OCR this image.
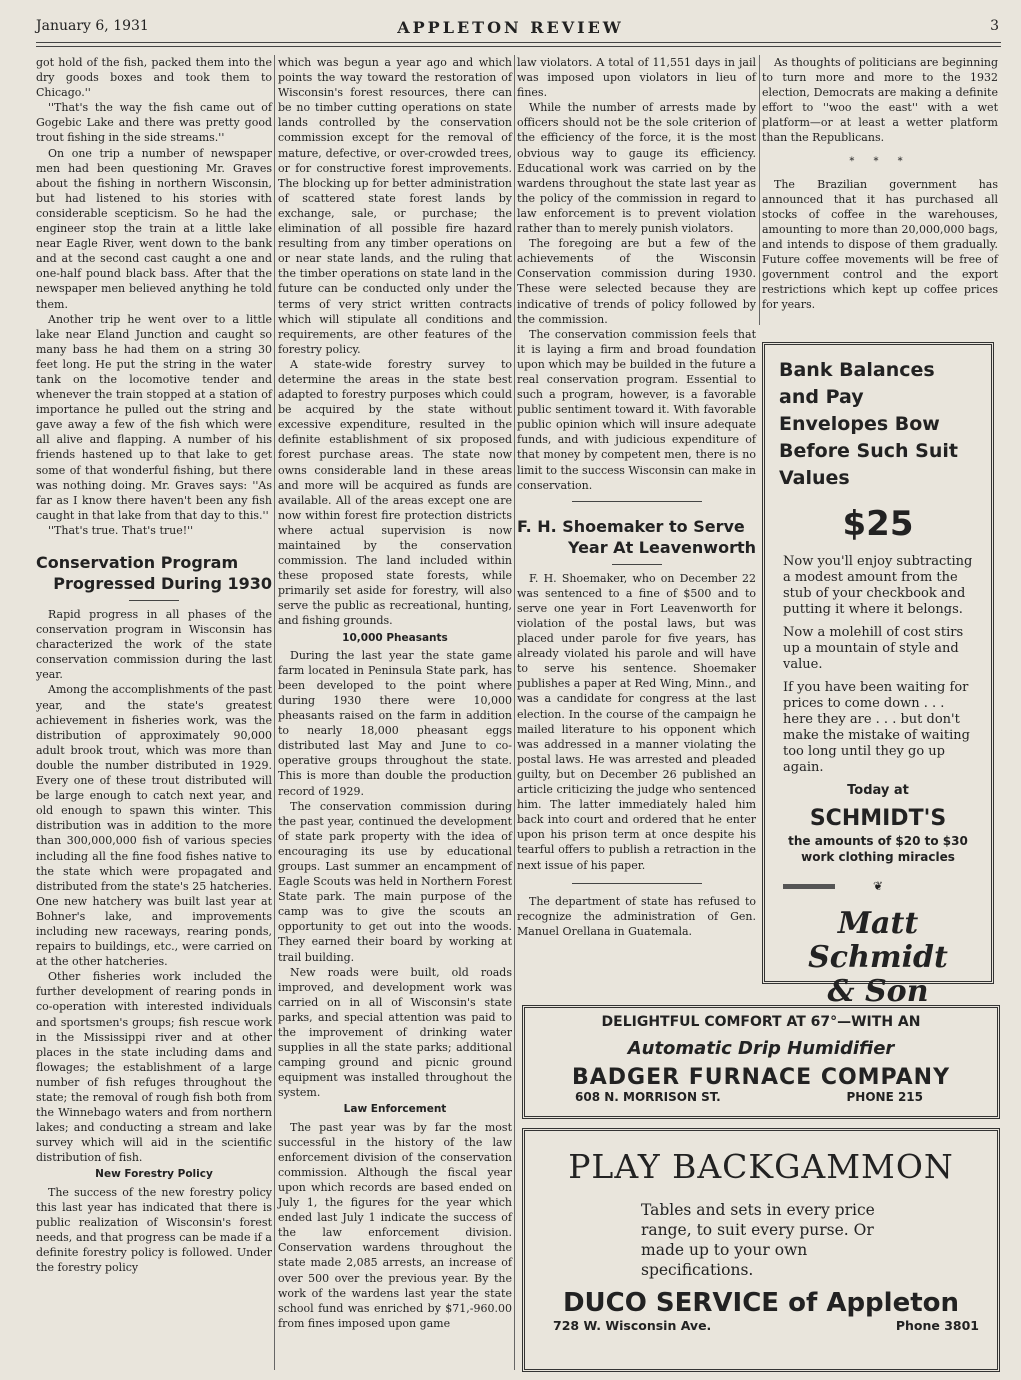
January 6, 1931	APPLETON REVIEW	3

got hold of the fish, packed them into the dry goods boxes and took them to Chicago.''

''That's the way the fish came out of Gogebic Lake and there was pretty good trout fishing in the side streams.''

On one trip a number of newspaper men had been questioning Mr. Graves about the fishing in northern Wisconsin, but had listened to his stories with considerable scepticism. So he had the engineer stop the train at a little lake near Eagle River, went down to the bank and at the second cast caught a one and one-half pound black bass. After that the newspaper men believed anything he told them.

Another trip he went over to a little lake near Eland Junction and caught so many bass he had them on a string 30 feet long. He put the string in the water tank on the locomotive tender and whenever the train stopped at a station of importance he pulled out the string and gave away a few of the fish which were all alive and flapping. A number of his friends hastened up to that lake to get some of that wonderful fishing, but there was nothing doing. Mr. Graves says: ''As far as I know there haven't been any fish caught in that lake from that day to this.''

''That's true. That's true!''

Conservation Program
Progressed During 1930

Rapid progress in all phases of the conservation program in Wisconsin has characterized the work of the state conservation commission during the last year.

Among the accomplishments of the past year, and the state's greatest achievement in fisheries work, was the distribution of approximately 90,000 adult brook trout, which was more than double the number distributed in 1929. Every one of these trout distributed will be large enough to catch next year, and old enough to spawn this winter. This distribution was in addition to the more than 300,000,000 fish of various species including all the fine food fishes native to the state which were propagated and distributed from the state's 25 hatcheries. One new hatchery was built last year at Bohner's lake, and improvements including new raceways, rearing ponds, repairs to buildings, etc., were carried on at the other hatcheries.

Other fisheries work included the further development of rearing ponds in co-operation with interested individuals and sportsmen's groups; fish rescue work in the Mississippi river and at other places in the state including dams and flowages; the establishment of a large number of fish refuges throughout the state; the removal of rough fish both from the Winnebago waters and from northern lakes; and conducting a stream and lake survey which will aid in the scientific distribution of fish.

New Forestry Policy

The success of the new forestry policy this last year has indicated that there is public realization of Wisconsin's forest needs, and that progress can be made if a definite forestry policy is followed. Under the forestry policy

which was begun a year ago and which points the way toward the restoration of Wisconsin's forest resources, there can be no timber cutting operations on state lands controlled by the conservation commission except for the removal of mature, defective, or over-crowded trees, or for constructive forest improvements. The blocking up for better administration of scattered state forest lands by exchange, sale, or purchase; the elimination of all possible fire hazard resulting from any timber operations on or near state lands, and the ruling that the timber operations on state land in the future can be conducted only under the terms of very strict written contracts which will stipulate all conditions and requirements, are other features of the forestry policy.

A state-wide forestry survey to determine the areas in the state best adapted to forestry purposes which could be acquired by the state without excessive expenditure, resulted in the definite establishment of six proposed forest purchase areas. The state now owns considerable land in these areas and more will be acquired as funds are available. All of the areas except one are now within forest fire protection districts where actual supervision is now maintained by the conservation commission. The land included within these proposed state forests, while primarily set aside for forestry, will also serve the public as recreational, hunting, and fishing grounds.

10,000 Pheasants

During the last year the state game farm located in Peninsula State park, has been developed to the point where during 1930 there were 10,000 pheasants raised on the farm in addition to nearly 18,000 pheasant eggs distributed last May and June to co-operative groups throughout the state. This is more than double the production record of 1929.

The conservation commission during the past year, continued the development of state park property with the idea of encouraging its use by educational groups. Last summer an encampment of Eagle Scouts was held in Northern Forest State park. The main purpose of the camp was to give the scouts an opportunity to get out into the woods. They earned their board by working at trail building.

New roads were built, old roads improved, and development work was carried on in all of Wisconsin's state parks, and special attention was paid to the improvement of drinking water supplies in all the state parks; additional camping ground and picnic ground equipment was installed throughout the system.

Law Enforcement

The past year was by far the most successful in the history of the law enforcement division of the conservation commission. Although the fiscal year upon which records are based ended on July 1, the figures for the year which ended last July 1 indicate the success of the law enforcement division. Conservation wardens throughout the state made 2,085 arrests, an increase of over 500 over the previous year. By the work of the wardens last year the state school fund was enriched by $71,-960.00 from fines imposed upon game

law violators. A total of 11,551 days in jail was imposed upon violators in lieu of fines.

While the number of arrests made by officers should not be the sole criterion of the efficiency of the force, it is the most obvious way to gauge its efficiency. Educational work was carried on by the wardens throughout the state last year as the policy of the commission in regard to law enforcement is to prevent violation rather than to merely punish violators.

The foregoing are but a few of the achievements of the Wisconsin Conservation commission during 1930. These were selected because they are indicative of trends of policy followed by the commission.

The conservation commission feels that it is laying a firm and broad foundation upon which may be builded in the future a real conservation program. Essential to such a program, however, is a favorable public sentiment toward it. With favorable public opinion which will insure adequate funds, and with judicious expenditure of that money by competent men, there is no limit to the success Wisconsin can make in conservation.

F. H. Shoemaker to Serve
Year At Leavenworth

F. H. Shoemaker, who on December 22 was sentenced to a fine of $500 and to serve one year in Fort Leavenworth for violation of the postal laws, but was placed under parole for five years, has already violated his parole and will have to serve his sentence. Shoemaker publishes a paper at Red Wing, Minn., and was a candidate for congress at the last election. In the course of the campaign he mailed literature to his opponent which was addressed in a manner violating the postal laws. He was arrested and pleaded guilty, but on December 26 published an article criticizing the judge who sentenced him. The latter immediately haled him back into court and ordered that he enter upon his prison term at once despite his tearful offers to publish a retraction in the next issue of his paper.

The department of state has refused to recognize the administration of Gen. Manuel Orellana in Guatemala.

As thoughts of politicians are beginning to turn more and more to the 1932 election, Democrats are making a definite effort to ''woo the east'' with a wet platform—or at least a wetter platform than the Republicans.

* * *

The Brazilian government has announced that it has purchased all stocks of coffee in the warehouses, amounting to more than 20,000,000 bags, and intends to dispose of them gradually. Future coffee movements will be free of government control and the export restrictions which kept up coffee prices for years.

Bank Balances and Pay Envelopes Bow Before Such Suit Values
$25

Now you'll enjoy subtracting a modest amount from the stub of your checkbook and putting it where it belongs.

Now a molehill of cost stirs up a mountain of style and value.

If you have been waiting for prices to come down . . . here they are . . . but don't make the mistake of waiting too long until they go up again.

Today at
SCHMIDT'S
the amounts of $20 to $30 work clothing miracles
❦
Matt Schmidt
& Son
DELIGHTFUL COMFORT AT 67°—WITH AN
Automatic Drip Humidifier
BADGER FURNACE COMPANY
608 N. MORRISON ST.	PHONE 215
PLAY BACKGAMMON
Tables and sets in every price range, to suit every purse. Or made up to your own specifications.
DUCO SERVICE of Appleton
728 W. Wisconsin Ave.	Phone 3801
